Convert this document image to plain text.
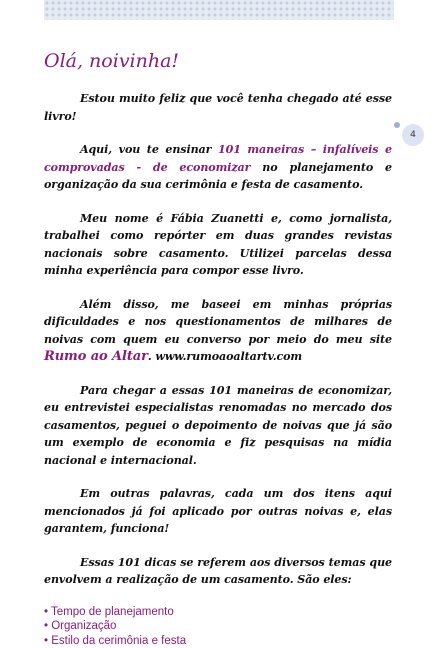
4
Olá, noivinha!

Estou muito feliz que você tenha chegado até esse livro!

Aqui, vou te ensinar 101 maneiras – infalíveis e comprovadas - de economizar no planejamento e organização da sua cerimônia e festa de casamento.

Meu nome é Fábia Zuanetti e, como jornalista, trabalhei como repórter em duas grandes revistas nacionais sobre casamento. Utilizei parcelas dessa minha experiência para compor esse livro.

Além disso, me baseei em minhas próprias dificuldades e nos questionamentos de milhares de noivas com quem eu converso por meio do meu site Rumo ao Altar. www.rumoaoaltartv.com

Para chegar a essas 101 maneiras de economizar, eu entrevistei especialistas renomadas no mercado dos casamentos, peguei o depoimento de noivas que já são um exemplo de economia e fiz pesquisas na mídia nacional e internacional.

Em outras palavras, cada um dos itens aqui mencionados já foi aplicado por outras noivas e, elas garantem, funciona!

Essas 101 dicas se referem aos diversos temas que envolvem a realização de um casamento. São eles:

• Tempo de planejamento
• Organização
• Estilo da cerimônia e festa
